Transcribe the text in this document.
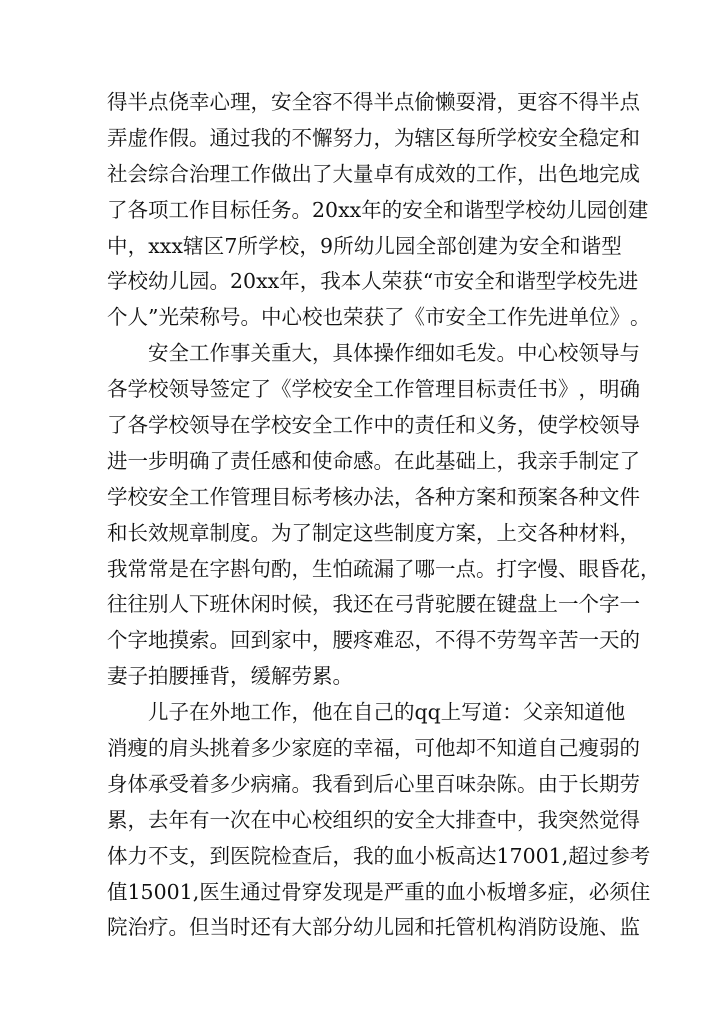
得 半 点 侥 幸 心 理 ， 安 全 容 不 得 半 点 偷 懒 耍 滑 ， 更 容 不 得 半 点
弄 虚 作 假 。 通 过 我 的 不 懈 努 力 ， 为 辖 区 每 所 学 校 安 全 稳 定 和
社 会 综 合 治 理 工 作 做 出 了 大 量 卓 有 成 效 的 工 作 ， 出 色 地 完 成
了 各 项 工 作 目 标 任 务 。 20xx 年 的 安 全 和 谐 型 学 校 幼 儿 园 创 建
中 ， xxx 辖 区 7 所 学 校 ， 9 所 幼 儿 园 全 部 创 建 为 安 全 和 谐 型
学 校 幼 儿 园 。 20xx 年 ， 我 本 人 荣 获 “ 市 安 全 和 谐 型 学 校 先 进
个 人 ” 光 荣 称 号 。 中 心 校 也 荣 获 了 《 市 安 全 工 作 先 进 单 位 》 。
安 全 工 作 事 关 重 大 ， 具 体 操 作 细 如 毛 发 。 中 心 校 领 导 与
各 学 校 领 导 签 定 了 《 学 校 安 全 工 作 管 理 目 标 责 任 书 》 ， 明 确
了 各 学 校 领 导 在 学 校 安 全 工 作 中 的 责 任 和 义 务 ， 使 学 校 领 导
进 一 步 明 确 了 责 任 感 和 使 命 感 。 在 此 基 础 上 ， 我 亲 手 制 定 了
学 校 安 全 工 作 管 理 目 标 考 核 办 法 ， 各 种 方 案 和 预 案 各 种 文 件
和 长 效 规 章 制 度 。 为 了 制 定 这 些 制 度 方 案 ， 上 交 各 种 材 料 ，
我 常 常 是 在 字 斟 句 酌 ， 生 怕 疏 漏 了 哪 一 点 。 打 字 慢 、 眼 昏 花 ，
往 往 别 人 下 班 休 闲 时 候 ， 我 还 在 弓 背 驼 腰 在 键 盘 上 一 个 字 一
个 字 地 摸 索 。 回 到 家 中 ， 腰 疼 难 忍 ， 不 得 不 劳 驾 辛 苦 一 天 的
妻 子 拍 腰 捶 背 ， 缓 解 劳 累 。
儿 子 在 外 地 工 作 ， 他 在 自 己 的 qq 上 写 道 ： 父 亲 知 道 他
消 瘦 的 肩 头 挑 着 多 少 家 庭 的 幸 福 ， 可 他 却 不 知 道 自 己 瘦 弱 的
身 体 承 受 着 多 少 病 痛 。 我 看 到 后 心 里 百 味 杂 陈 。 由 于 长 期 劳
累 ， 去 年 有 一 次 在 中 心 校 组 织 的 安 全 大 排 查 中 ， 我 突 然 觉 得
体 力 不 支 ， 到 医 院 检 查 后 ， 我 的 血 小 板 高 达 17001, 超 过 参 考
值 15001, 医 生 通 过 骨 穿 发 现 是 严 重 的 血 小 板 增 多 症 ， 必 须 住
院 治 疗 。 但 当 时 还 有 大 部 分 幼 儿 园 和 托 管 机 构 消 防 设 施 、 监
